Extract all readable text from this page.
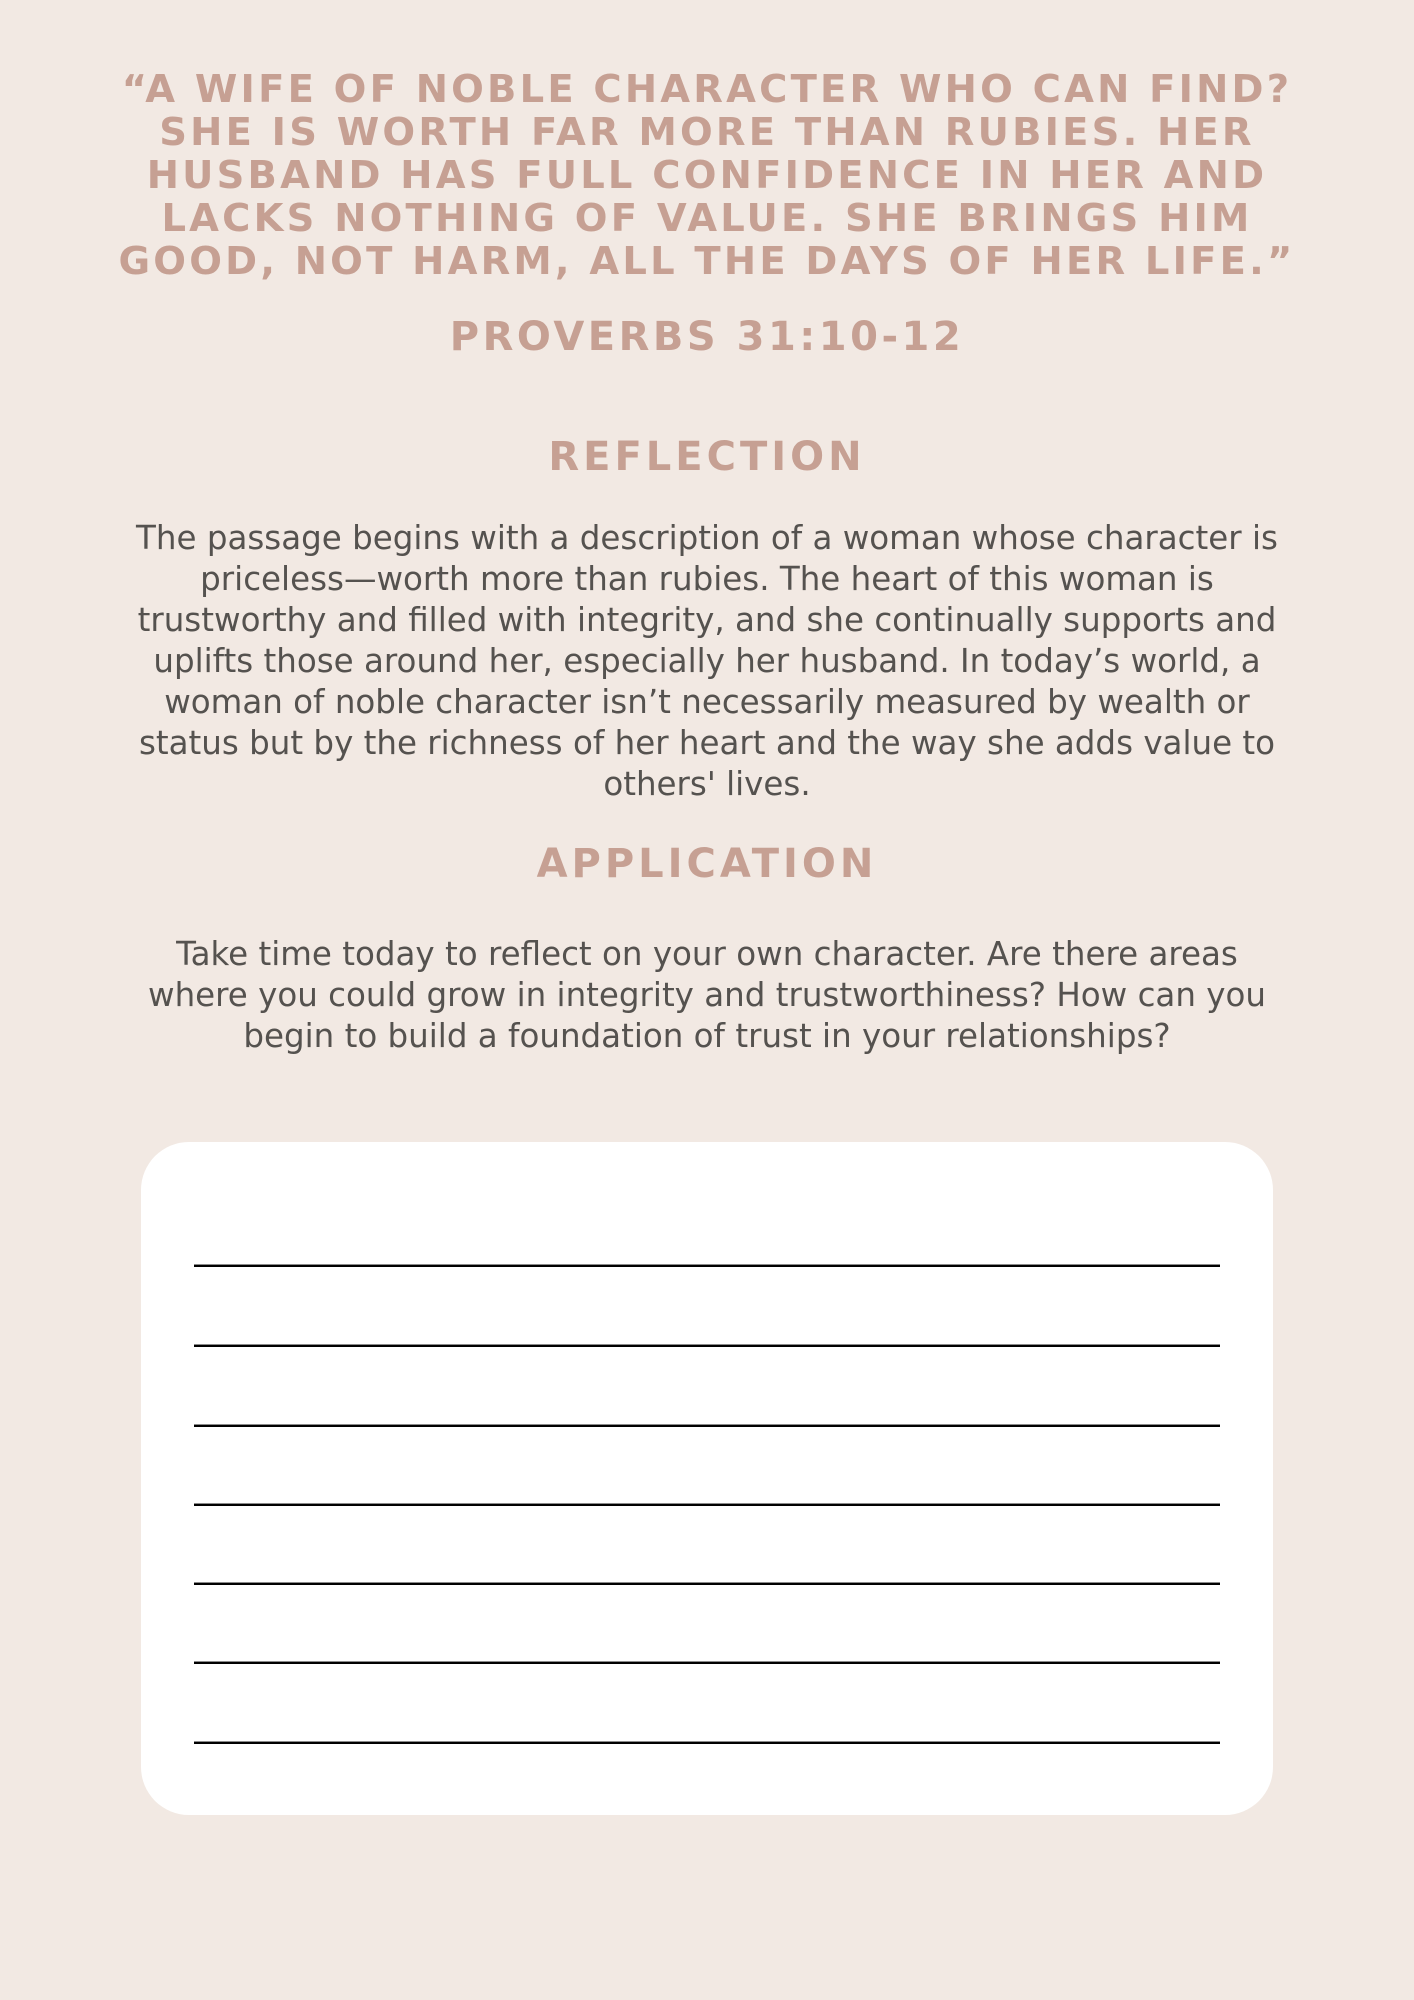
“A WIFE OF NOBLE CHARACTER WHO CAN FIND?
SHE IS WORTH FAR MORE THAN RUBIES. HER
HUSBAND HAS FULL CONFIDENCE IN HER AND
LACKS NOTHING OF VALUE. SHE BRINGS HIM
GOOD, NOT HARM, ALL THE DAYS OF HER LIFE.”
PROVERBS 31:10-12
REFLECTION

The passage begins with a description of a woman whose character is
priceless—worth more than rubies. The heart of this woman is
trustworthy and filled with integrity, and she continually supports and
uplifts those around her, especially her husband. In today’s world, a
woman of noble character isn’t necessarily measured by wealth or
status but by the richness of her heart and the way she adds value to
others' lives.

APPLICATION

Take time today to reflect on your own character. Are there areas
where you could grow in integrity and trustworthiness? How can you
begin to build a foundation of trust in your relationships?
